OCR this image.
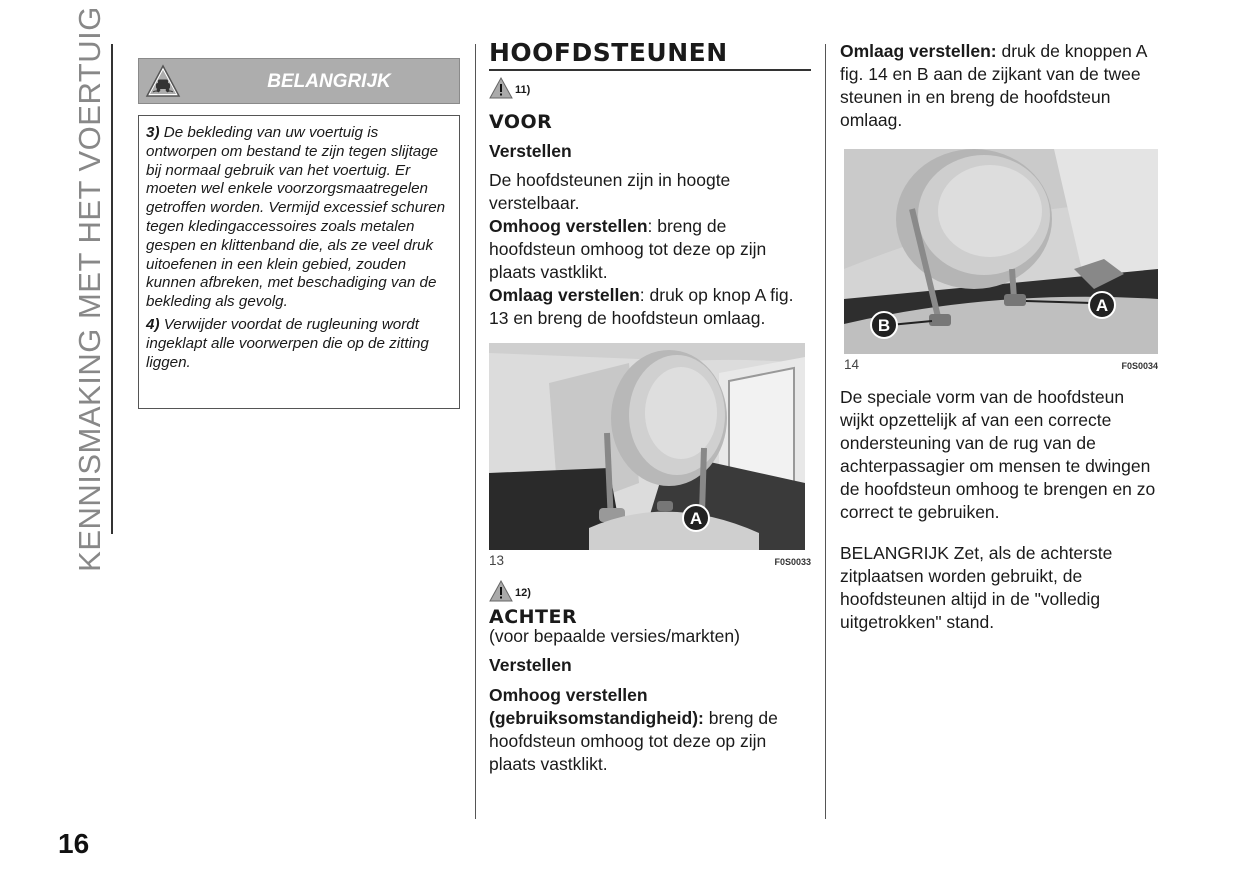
KENNISMAKING MET HET VOERTUIG
16
BELANGRIJK

3) De bekleding van uw voertuig is ontworpen om bestand te zijn tegen slijtage bij normaal gebruik van het voertuig. Er moeten wel enkele voorzorgsmaatregelen getroffen worden. Vermijd excessief schuren tegen kledingaccessoires zoals metalen gespen en klittenband die, als ze veel druk uitoefenen in een klein gebied, zouden kunnen afbreken, met beschadiging van de bekleding als gevolg.

4) Verwijder voordat de rugleuning wordt ingeklapt alle voorwerpen die op de zitting liggen.

HOOFDSTEUNEN
11)
VOOR
Verstellen

De hoofdsteunen zijn in hoogte verstelbaar.

Omhoog verstellen: breng de hoofdsteun omhoog tot deze op zijn plaats vastklikt.

Omlaag verstellen: druk op knop A fig. 13 en breng de hoofdsteun omlaag.

A
13	F0S0033
12)
ACHTER

(voor bepaalde versies/markten)

Verstellen

Omhoog verstellen (gebruiksomstandigheid): breng de hoofdsteun omhoog tot deze op zijn plaats vastklikt.

Omlaag verstellen: druk de knoppen A fig. 14 en B aan de zijkant van de twee steunen in en breng de hoofdsteun omlaag.

B
A
14	F0S0034

De speciale vorm van de hoofdsteun wijkt opzettelijk af van een correcte ondersteuning van de rug van de achterpassagier om mensen te dwingen de hoofdsteun omhoog te brengen en zo correct te gebruiken.

BELANGRIJK Zet, als de achterste zitplaatsen worden gebruikt, de hoofdsteunen altijd in de "volledig uitgetrokken" stand.
